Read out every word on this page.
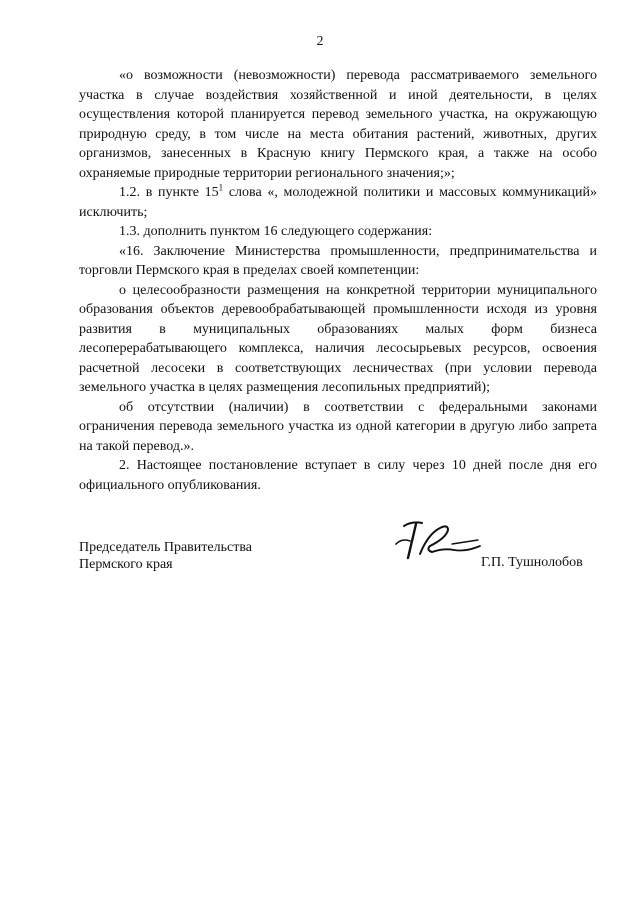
2

«о возможности (невозможности) перевода рассматриваемого земельного участка в случае воздействия хозяйственной и иной деятельности, в целях осуществления которой планируется перевод земельного участка, на окружающую природную среду, в том числе на места обитания растений, животных, других организмов, занесенных в Красную книгу Пермского края, а также на особо охраняемые природные территории регионального значения;»;

1.2. в пункте $15^1$ слова «, молодежной политики и массовых коммуникаций» исключить;

1.3. дополнить пунктом 16 следующего содержания:

«16. Заключение Министерства промышленности, предпринимательства и торговли Пермского края в пределах своей компетенции:

о целесообразности размещения на конкретной территории муниципального образования объектов деревообрабатывающей промышленности исходя из уровня развития в муниципальных образованиях малых форм бизнеса лесоперерабатывающего комплекса, наличия лесосырьевых ресурсов, освоения расчетной лесосеки в соответствующих лесничествах (при условии перевода земельного участка в целях размещения лесопильных предприятий);

об отсутствии (наличии) в соответствии с федеральными законами ограничения перевода земельного участка из одной категории в другую либо запрета на такой перевод.».

2. Настоящее постановление вступает в силу через 10 дней после дня его официального опубликования.

Председатель Правительства
Пермского края	Г.П. Тушнолобов
